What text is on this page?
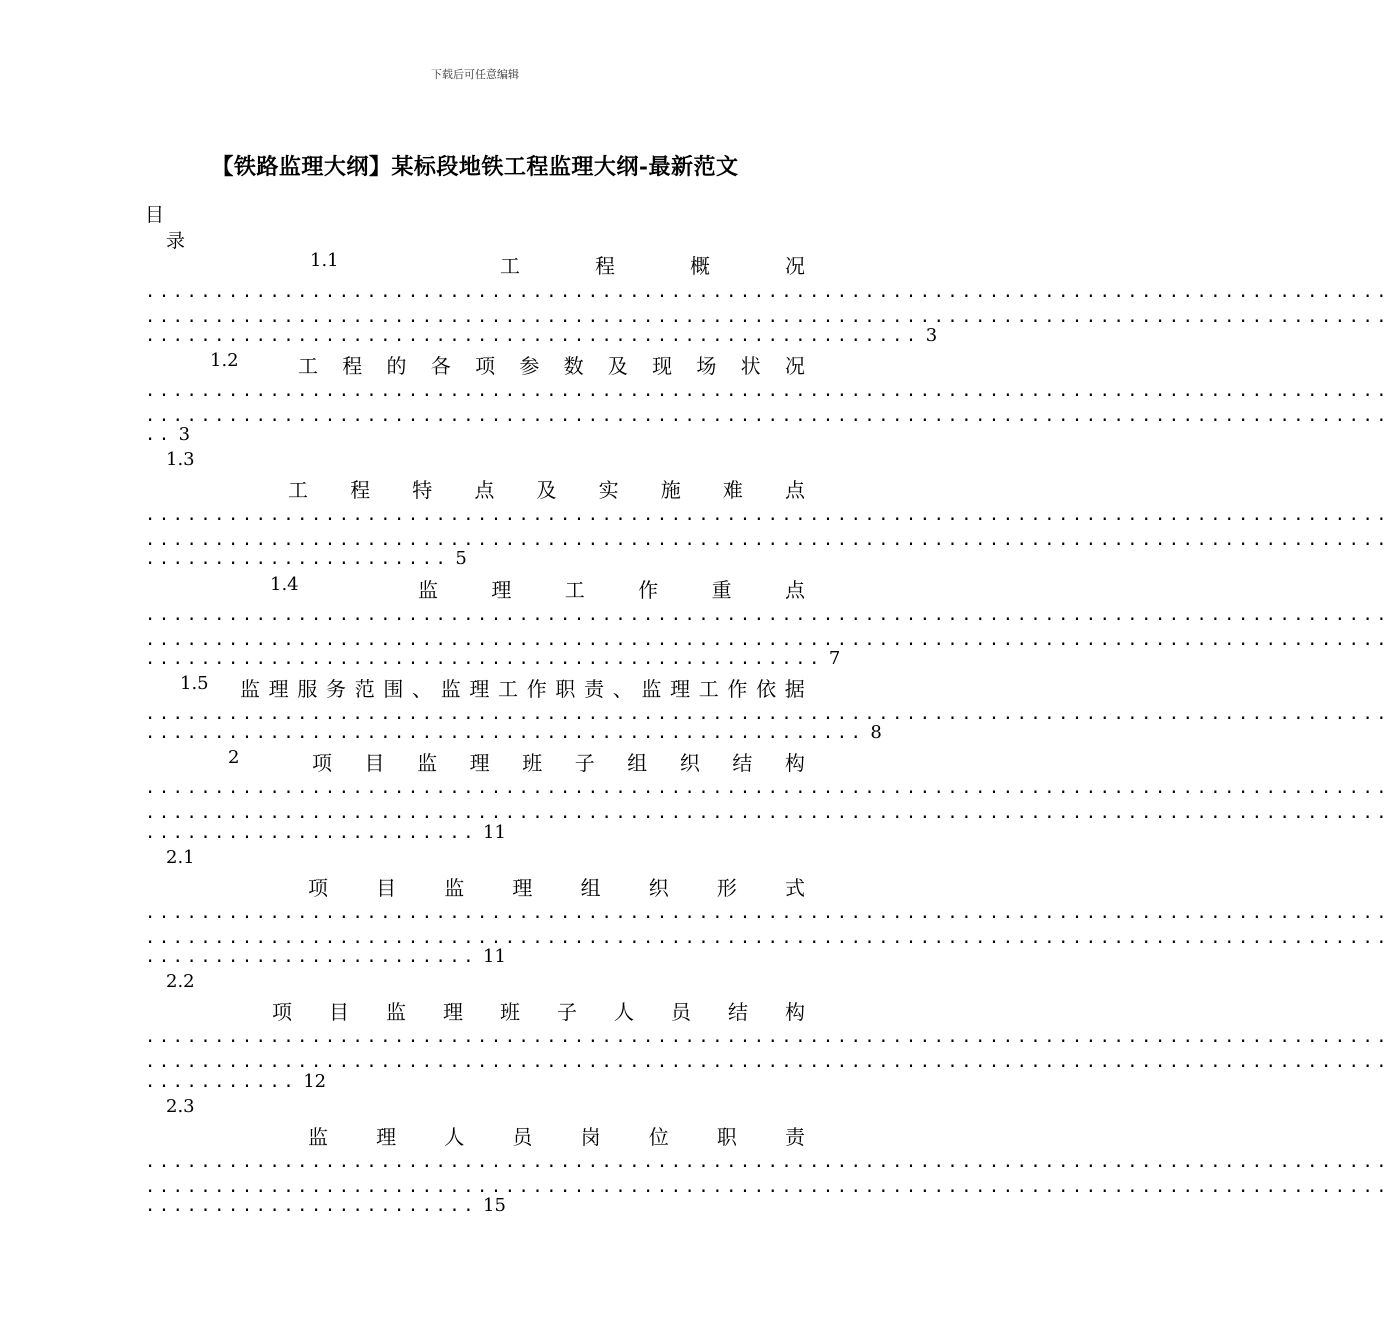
下载后可任意编辑
【铁路监理大纲】某标段地铁工程监理大纲-最新范文
目
录
1.1	工	程	概	况
..........................................................................................
..........................................................................................
........................................................ 3
1.2	工 程 的 各 项 参 数 及 现 场 状 况
..........................................................................................
..........................................................................................
.. 3
1.3
工 程 特 点 及 实 施 难 点
..........................................................................................
..........................................................................................
...................... 5
1.4	监	理	工	作	重	点
..........................................................................................
..........................................................................................
................................................. 7
1.5 监 理 服 务 范 围 、 监 理 工 作 职 责 、 监 理 工 作 依 据
..........................................................................................
.................................................... 8
2	项 目 监 理 班 子 组 织 结 构
..........................................................................................
..........................................................................................
........................ 11
2.1
项 目 监 理 组 织 形 式
..........................................................................................
..........................................................................................
........................ 11
2.2
项 目 监 理 班 子 人 员 结 构
..........................................................................................
..........................................................................................
........... 12
2.3
监 理 人 员 岗 位 职 责
..........................................................................................
..........................................................................................
........................ 15
